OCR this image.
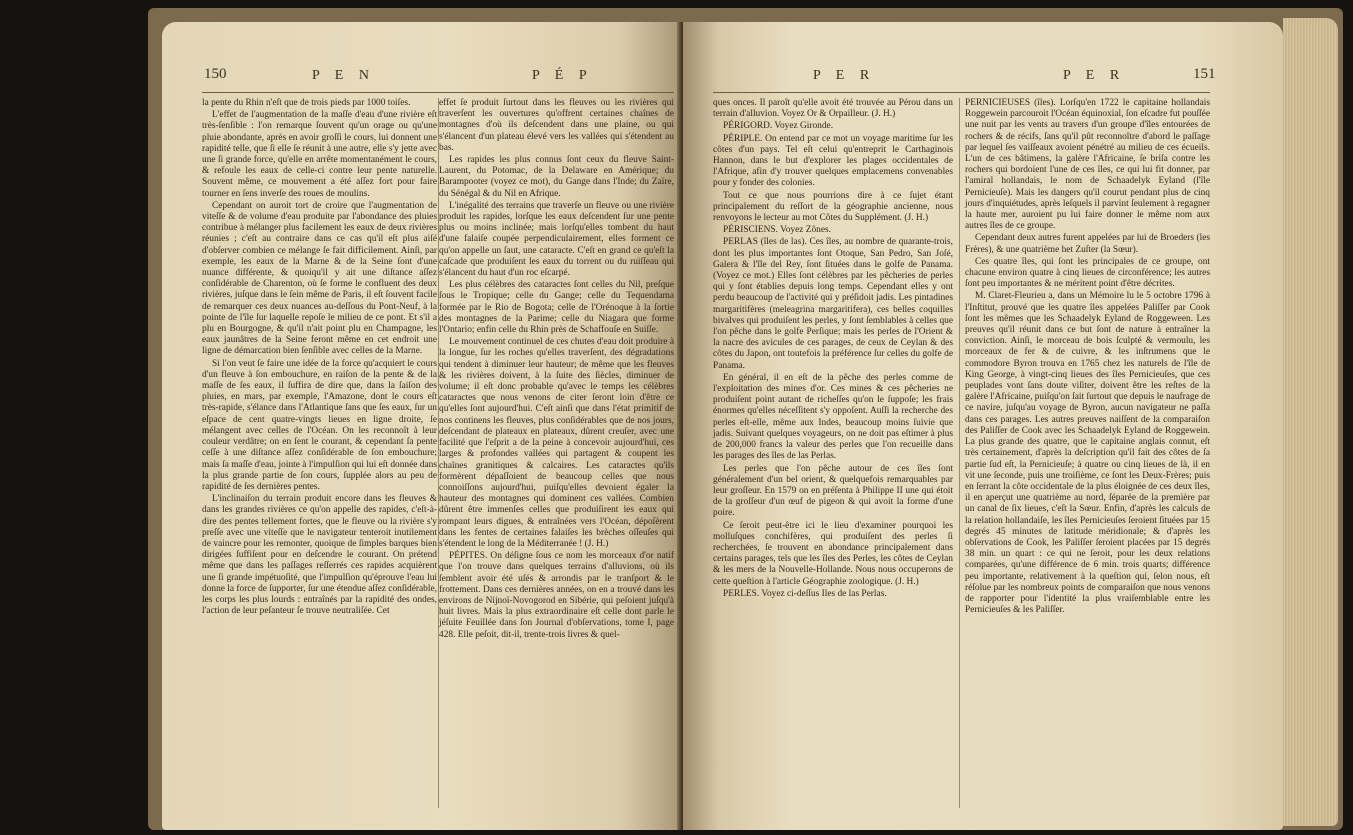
150	P E N	P É P

la pente du Rhin n'eſt que de trois pieds par 1000 toiſes.

L'effet de l'augmentation de la maſſe d'eau d'une rivière eſt très-ſenſible : l'on remarque ſouvent qu'un orage ou qu'une pluie abondante, après en avoir groſſi le cours, lui donnent une rapidité telle, que ſi elle ſe réunit à une autre, elle s'y jette avec une ſi grande force, qu'elle en arrête momentanément le cours, & refoule les eaux de celle-ci contre leur pente naturelle. Souvent même, ce mouvement a été aſſez fort pour faire tourner en ſens inverſe des roues de moulins.

Cependant on auroit tort de croire que l'augmentation de viteſſe & de volume d'eau produite par l'abondance des pluies contribue à mélanger plus facilement les eaux de deux rivières réunies ; c'eſt au contraire dans ce cas qu'il eſt plus aiſé d'obſerver combien ce mélange ſe fait difficilement. Ainſi, par exemple, les eaux de la Marne & de la Seine ſont d'une nuance différente, & quoiqu'il y ait une diſtance aſſez conſidérable de Charenton, où ſe forme le confluent des deux rivières, juſque dans le ſein même de Paris, il eſt ſouvent facile de remarquer ces deux nuances au-deſſous du Pont-Neuf, à la pointe de l'île ſur laquelle repoſe le milieu de ce pont. Et s'il a plu en Bourgogne, & qu'il n'ait point plu en Champagne, les eaux jaunâtres de la Seine feront même en cet endroit une ligne de démarcation bien ſenſible avec celles de la Marne.

Si l'on veut ſe faire une idée de la force qu'acquiert le cours d'un fleuve à ſon embouchure, en raiſon de la pente & de la maſſe de ſes eaux, il ſuffira de dire que, dans la ſaiſon des pluies, en mars, par exemple, l'Amazone, dont le cours eſt très-rapide, s'élance dans l'Atlantique ſans que ſes eaux, ſur un eſpace de cent quatre-vingts lieues en ligne droite, ſe mélangent avec celles de l'Océan. On les reconnoît à leur couleur verdâtre; on en ſent le courant, & cependant ſa pente ceſſe à une diſtance aſſez conſidérable de ſon embouchure; mais ſa maſſe d'eau, jointe à l'impulſion qui lui eſt donnée dans la plus grande partie de ſon cours, ſupplée alors au peu de rapidité de ſes dernières pentes.

L'inclinaiſon du terrain produit encore dans les fleuves & dans les grandes rivières ce qu'on appelle des rapides, c'eſt-à-dire des pentes tellement fortes, que le fleuve ou la rivière s'y preſſe avec une viteſſe que le navigateur tenteroit inutilement de vaincre pour les remonter, quoique de ſimples barques bien dirigées ſuffiſent pour en deſcendre le courant. On prétend même que dans les paſſages reſſerrés ces rapides acquièrent une ſi grande impétuoſité, que l'impulſion qu'éprouve l'eau lui donne la force de ſupporter, ſur une étendue aſſez conſidérable, les corps les plus lourds : entraînés par la rapidité des ondes, l'action de leur peſanteur ſe trouve neutraliſée. Cet

effet ſe produit ſurtout dans les fleuves ou les rivières qui traverſent les ouvertures qu'offrent certaines chaînes de montagnes d'où ils deſcendent dans une plaine, ou qui s'élancent d'un plateau élevé vers les vallées qui s'étendent au bas.

Les rapides les plus connus ſont ceux du fleuve Saint-Laurent, du Potomac, de la Delaware en Amérique; du Barampooter (voyez ce mot), du Gange dans l'Inde; du Zaïre, du Sénégal & du Nil en Afrique.

L'inégalité des terrains que traverſe un fleuve ou une rivière produit les rapides, lorſque les eaux deſcendent ſur une pente plus ou moins inclinée; mais lorſqu'elles tombent du haut d'une falaiſe coupée perpendiculairement, elles forment ce qu'on appelle un ſaut, une cataracte. C'eſt en grand ce qu'eſt la caſcade que produiſent les eaux du torrent ou du ruiſſeau qui s'élancent du haut d'un roc eſcarpé.

Les plus célèbres des cataractes ſont celles du Nil, preſque ſous le Tropique; celle du Gange; celle du Tequendama formée par le Rio de Bogota; celle de l'Orénoque à la ſortie des montagnes de la Parime; celle du Niagara que forme l'Ontario; enfin celle du Rhin près de Schaffouſe en Suiſſe.

Le mouvement continuel de ces chutes d'eau doit produire à la longue, ſur les roches qu'elles traverſent, des dégradations qui tendent à diminuer leur hauteur; de même que les fleuves & les rivières doivent, à la ſuite des ſiècles, diminuer de volume; il eſt donc probable qu'avec le temps les célèbres cataractes que nous venons de citer ſeront loin d'être ce qu'elles ſont aujourd'hui. C'eſt ainſi que dans l'état primitif de nos continens les fleuves, plus conſidérables que de nos jours, deſcendant de plateaux en plateaux, dûrent creuſer, avec une facilité que l'eſprit a de la peine à concevoir aujourd'hui, ces larges & profondes vallées qui partagent & coupent les chaînes granitiques & calcaires. Les cataractes qu'ils formèrent dépaſſoient de beaucoup celles que nous connoiſſons aujourd'hui, puiſqu'elles devoient égaler la hauteur des montagnes qui dominent ces vallées. Combien dûrent être immenſes celles que produiſirent les eaux qui rompant leurs digues, & entraînées vers l'Océan, dépoſèrent dans les fentes de certaines falaiſes les brèches oſſeuſes qui s'étendent le long de la Méditerranée ! (J. H.)

PÉPITES. On déſigne ſous ce nom les morceaux d'or natif que l'on trouve dans quelques terrains d'alluvions, où ils ſemblent avoir été uſés & arrondis par le tranſport & le frottement. Dans ces dernières années, on en a trouvé dans les environs de Nijnoï-Novogorod en Sibérie, qui peſoient juſqu'à huit livres. Mais la plus extraordinaire eſt celle dont parle le jéſuite Feuillée dans ſon Journal d'obſervations, tome I, page 428. Elle peſoit, dit-il, trente-trois livres & quel-

P E R	P E R	151

ques onces. Il paroît qu'elle avoit été trouvée au Pérou dans un terrain d'alluvion. Voyez Or & Orpailleur. (J. H.)

PÉRIGORD. Voyez Gironde.

PÉRIPLE. On entend par ce mot un voyage maritime ſur les côtes d'un pays. Tel eſt celui qu'entreprit le Carthaginois Hannon, dans le but d'explorer les plages occidentales de l'Afrique, afin d'y trouver quelques emplacemens convenables pour y fonder des colonies.

Tout ce que nous pourrions dire à ce ſujet étant principalement du reſſort de la géographie ancienne, nous renvoyons le lecteur au mot Côtes du Supplément. (J. H.)

PÉRISCIENS. Voyez Zônes.

PERLAS (îles de las). Ces îles, au nombre de quarante-trois, dont les plus importantes ſont Otoque, San Pedro, San Joſé, Galera & l'île del Rey, ſont ſituées dans le golfe de Panama. (Voyez ce mot.) Elles ſont célèbres par les pêcheries de perles qui y ſont établies depuis long temps. Cependant elles y ont perdu beaucoup de l'activité qui y préſidoit jadis. Les pintadines margaritifères (meleagrina margaritifera), ces belles coquilles bivalves qui produiſent les perles, y ſont ſemblables à celles que l'on pêche dans le golfe Perſique; mais les perles de l'Orient & la nacre des avicules de ces parages, de ceux de Ceylan & des côtes du Japon, ont toutefois la préférence ſur celles du golfe de Panama.

En général, il en eſt de la pêche des perles comme de l'exploitation des mines d'or. Ces mines & ces pêcheries ne produiſent point autant de richeſſes qu'on le ſuppoſe; les frais énormes qu'elles néceſſitent s'y oppoſent. Auſſi la recherche des perles eſt-elle, même aux Indes, beaucoup moins ſuivie que jadis. Suivant quelques voyageurs, on ne doit pas eſtimer à plus de 200,000 francs la valeur des perles que l'on recueille dans les parages des îles de las Perlas.

Les perles que l'on pêche autour de ces îles ſont généralement d'un bel orient, & quelquefois remarquables par leur groſſeur. En 1579 on en préſenta à Philippe II une qui étoit de la groſſeur d'un œuf de pigeon & qui avoit la forme d'une poire.

Ce ſeroit peut-être ici le lieu d'examiner pourquoi les molluſques conchifères, qui produiſent des perles ſi recherchées, ſe trouvent en abondance principalement dans certains parages, tels que les îles des Perles, les côtes de Ceylan & les mers de la Nouvelle-Hollande. Nous nous occuperons de cette queſtion à l'article Géographie zoologique. (J. H.)

PERLES. Voyez ci-deſſus Iles de las Perlas.

PERNICIEUSES (îles). Lorſqu'en 1722 le capitaine hollandais Roggewein parcouroit l'Océan équinoxial, ſon eſcadre fut pouſſée une nuit par les vents au travers d'un groupe d'îles entourées de rochers & de récifs, ſans qu'il pût reconnoître d'abord le paſſage par lequel ſes vaiſſeaux avoient pénétré au milieu de ces écueils. L'un de ces bâtimens, la galère l'Africaine, ſe briſa contre les rochers qui bordoient l'une de ces îles, ce qui lui fit donner, par l'amiral hollandais, le nom de Schaadelyk Eyland (l'île Pernicieuſe). Mais les dangers qu'il courut pendant plus de cinq jours d'inquiétudes, après leſquels il parvint ſeulement à regagner la haute mer, auroient pu lui faire donner le même nom aux autres îles de ce groupe.

Cependant deux autres furent appelées par lui de Broeders (les Frères), & une quatrième het Zuſter (la Sœur).

Ces quatre îles, qui ſont les principales de ce groupe, ont chacune environ quatre à cinq lieues de circonférence; les autres ſont peu importantes & ne méritent point d'être décrites.

M. Claret-Fleurieu a, dans un Mémoire lu le 5 octobre 1796 à l'Inſtitut, prouvé que les quatre îles appelées Paliſſer par Cook ſont les mêmes que les Schaadelyk Eyland de Roggeween. Les preuves qu'il réunit dans ce but ſont de nature à entraîner la conviction. Ainſi, le morceau de bois ſculpté & vermoulu, les morceaux de fer & de cuivre, & les inſtrumens que le commodore Byron trouva en 1765 chez les naturels de l'île de King George, à vingt-cinq lieues des îles Pernicieuſes, que ces peuplades vont ſans doute viſiter, doivent être les reſtes de la galère l'Africaine, puiſqu'on ſait ſurtout que depuis le naufrage de ce navire, juſqu'au voyage de Byron, aucun navigateur ne paſſa dans ces parages. Les autres preuves naiſſent de la comparaiſon des Paliſſer de Cook avec les Schaadelyk Eyland de Roggewein. La plus grande des quatre, que le capitaine anglais connut, eſt très certainement, d'après la deſcription qu'il fait des côtes de ſa partie ſud eſt, la Pernicieuſe; à quatre ou cinq lieues de là, il en vit une ſeconde, puis une troiſième, ce ſont les Deux-Frères; puis en ſerrant la côte occidentale de la plus éloignée de ces deux îles, il en aperçut une quatrième au nord, ſéparée de la première par un canal de ſix lieues, c'eſt la Sœur. Enfin, d'après les calculs de la relation hollandaiſe, les îles Pernicieuſes ſeroient ſituées par 15 degrés 45 minutes de latitude méridionale; & d'après les obſervations de Cook, les Paliſſer ſeroient placées par 15 degrés 38 min. un quart : ce qui ne ſeroit, pour les deux relations comparées, qu'une différence de 6 min. trois quarts; différence peu importante, relativement à la queſtion qui, ſelon nous, eſt réſolue par les nombreux points de comparaiſon que nous venons de rapporter pour l'identité la plus vraiſemblable entre les Pernicieuſes & les Paliſſer.
